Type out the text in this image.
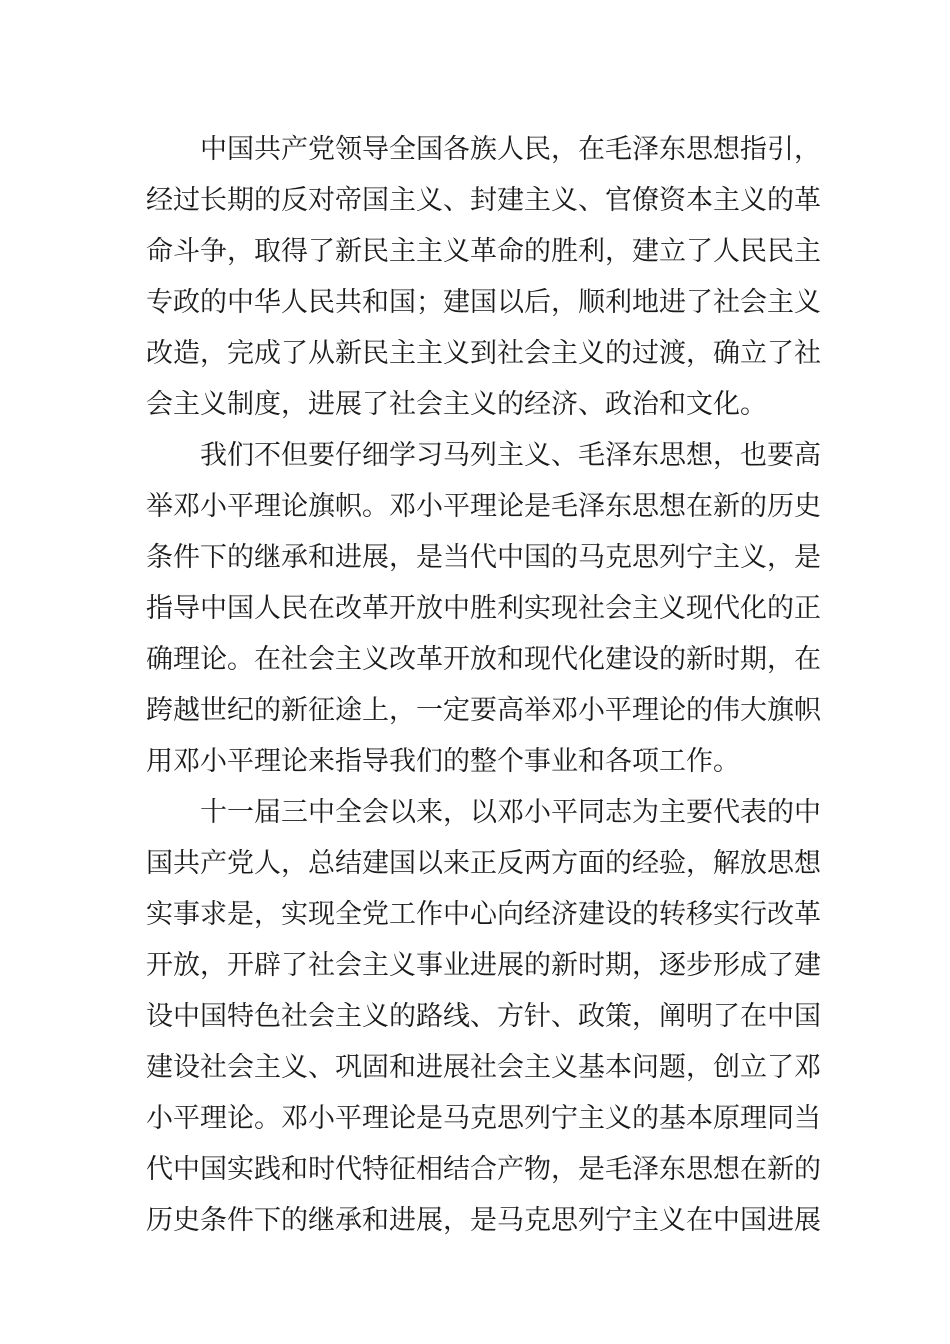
中国共产党领导全国各族人民，在毛泽东思想指引，
经过长期的反对帝国主义、封建主义、官僚资本主义的革
命斗争，取得了新民主主义革命的胜利，建立了人民民主
专政的中华人民共和国；建国以后，顺利地进了社会主义
改造，完成了从新民主主义到社会主义的过渡，确立了社
会主义制度，进展了社会主义的经济、政治和文化。
我们不但要仔细学习马列主义、毛泽东思想，也要高
举邓小平理论旗帜。邓小平理论是毛泽东思想在新的历史
条件下的继承和进展，是当代中国的马克思列宁主义，是
指导中国人民在改革开放中胜利实现社会主义现代化的正
确理论。在社会主义改革开放和现代化建设的新时期，在
跨越世纪的新征途上，一定要高举邓小平理论的伟大旗帜
用邓小平理论来指导我们的整个事业和各项工作。
十一届三中全会以来，以邓小平同志为主要代表的中
国共产党人，总结建国以来正反两方面的经验，解放思想
实事求是，实现全党工作中心向经济建设的转移实行改革
开放，开辟了社会主义事业进展的新时期，逐步形成了建
设中国特色社会主义的路线、方针、政策，阐明了在中国
建设社会主义、巩固和进展社会主义基本问题，创立了邓
小平理论。邓小平理论是马克思列宁主义的基本原理同当
代中国实践和时代特征相结合产物，是毛泽东思想在新的
历史条件下的继承和进展，是马克思列宁主义在中国进展
